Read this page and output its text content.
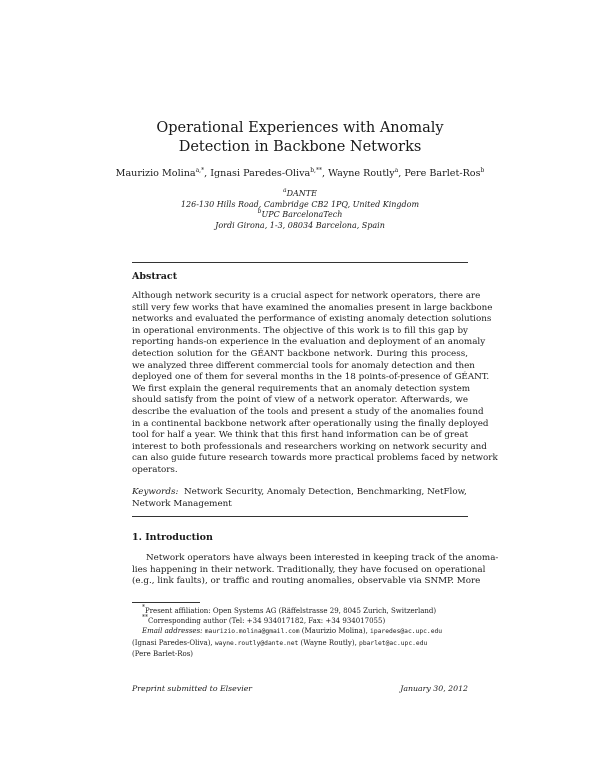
Operational Experiences with Anomaly
Detection in Backbone Networks
Maurizio Molina$^{a,*}$, Ignasi Paredes-Oliva$^{b,**}$, Wayne Routly$^a$, Pere Barlet-Ros$^b$
$^a$DANTE
126-130 Hills Road, Cambridge CB2 1PQ, United Kingdom
$^b$UPC BarcelonaTech
Jordi Girona, 1-3, 08034 Barcelona, Spain
Abstract
Although network security is a crucial aspect for network operators, there are
still very few works that have examined the anomalies present in large backbone
networks and evaluated the performance of existing anomaly detection solutions
in operational environments. The objective of this work is to fill this gap by
reporting hands-on experience in the evaluation and deployment of an anomaly
detection solution for the GÉANT backbone network. During this process,
we analyzed three different commercial tools for anomaly detection and then
deployed one of them for several months in the 18 points-of-presence of GÉANT.
We first explain the general requirements that an anomaly detection system
should satisfy from the point of view of a network operator. Afterwards, we
describe the evaluation of the tools and present a study of the anomalies found
in a continental backbone network after operationally using the finally deployed
tool for half a year. We think that this first hand information can be of great
interest to both professionals and researchers working on network security and
can also guide future research towards more practical problems faced by network
operators.
Keywords: Network Security, Anomaly Detection, Benchmarking, NetFlow,
Network Management
1. Introduction
Network operators have always been interested in keeping track of the anoma-
lies happening in their network. Traditionally, they have focused on operational
(e.g., link faults), or traffic and routing anomalies, observable via SNMP. More
*Present affiliation: Open Systems AG (Räffelstrasse 29, 8045 Zurich, Switzerland)
**Corresponding author (Tel: +34 934017182, Fax: +34 934017055)
Email addresses: maurizio.molina@gmail.com (Maurizio Molina), iparedes@ac.upc.edu
(Ignasi Paredes-Oliva), wayne.routly@dante.net (Wayne Routly), pbarlet@ac.upc.edu
(Pere Barlet-Ros)
Preprint submitted to Elsevier	January 30, 2012
